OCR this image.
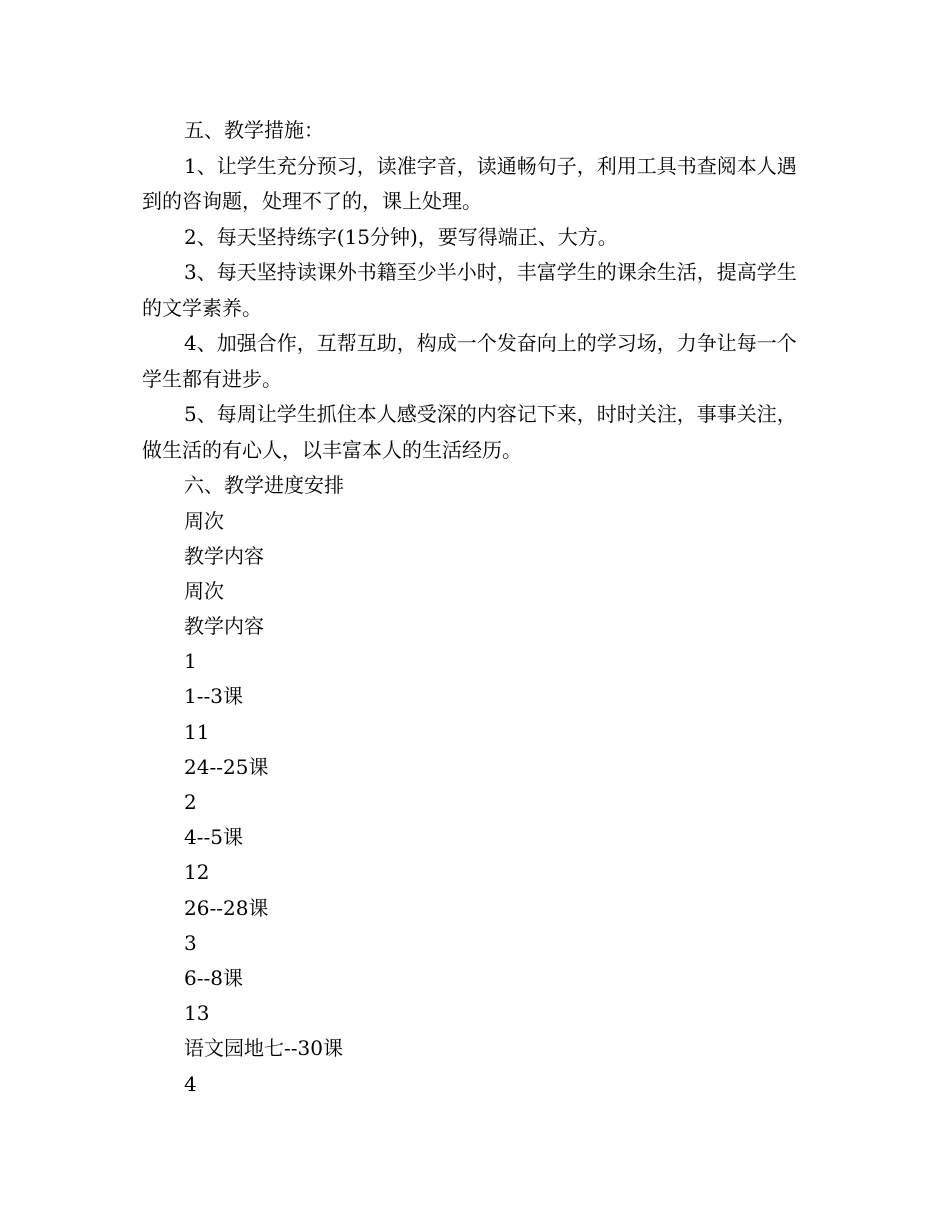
五、教学措施：

1、让学生充分预习，读准字音，读通畅句子，利用工具书查阅本人遇到的咨询题，处理不了的，课上处理。

2、每天坚持练字(15分钟)，要写得端正、大方。

3、每天坚持读课外书籍至少半小时，丰富学生的课余生活，提高学生的文学素养。

4、加强合作，互帮互助，构成一个发奋向上的学习场，力争让每一个学生都有进步。

5、每周让学生抓住本人感受深的内容记下来，时时关注，事事关注，做生活的有心人，以丰富本人的生活经历。

六、教学进度安排

周次

教学内容

周次

教学内容

1

1--3课

11

24--25课

2

4--5课

12

26--28课

3

6--8课

13

语文园地七--30课

4
